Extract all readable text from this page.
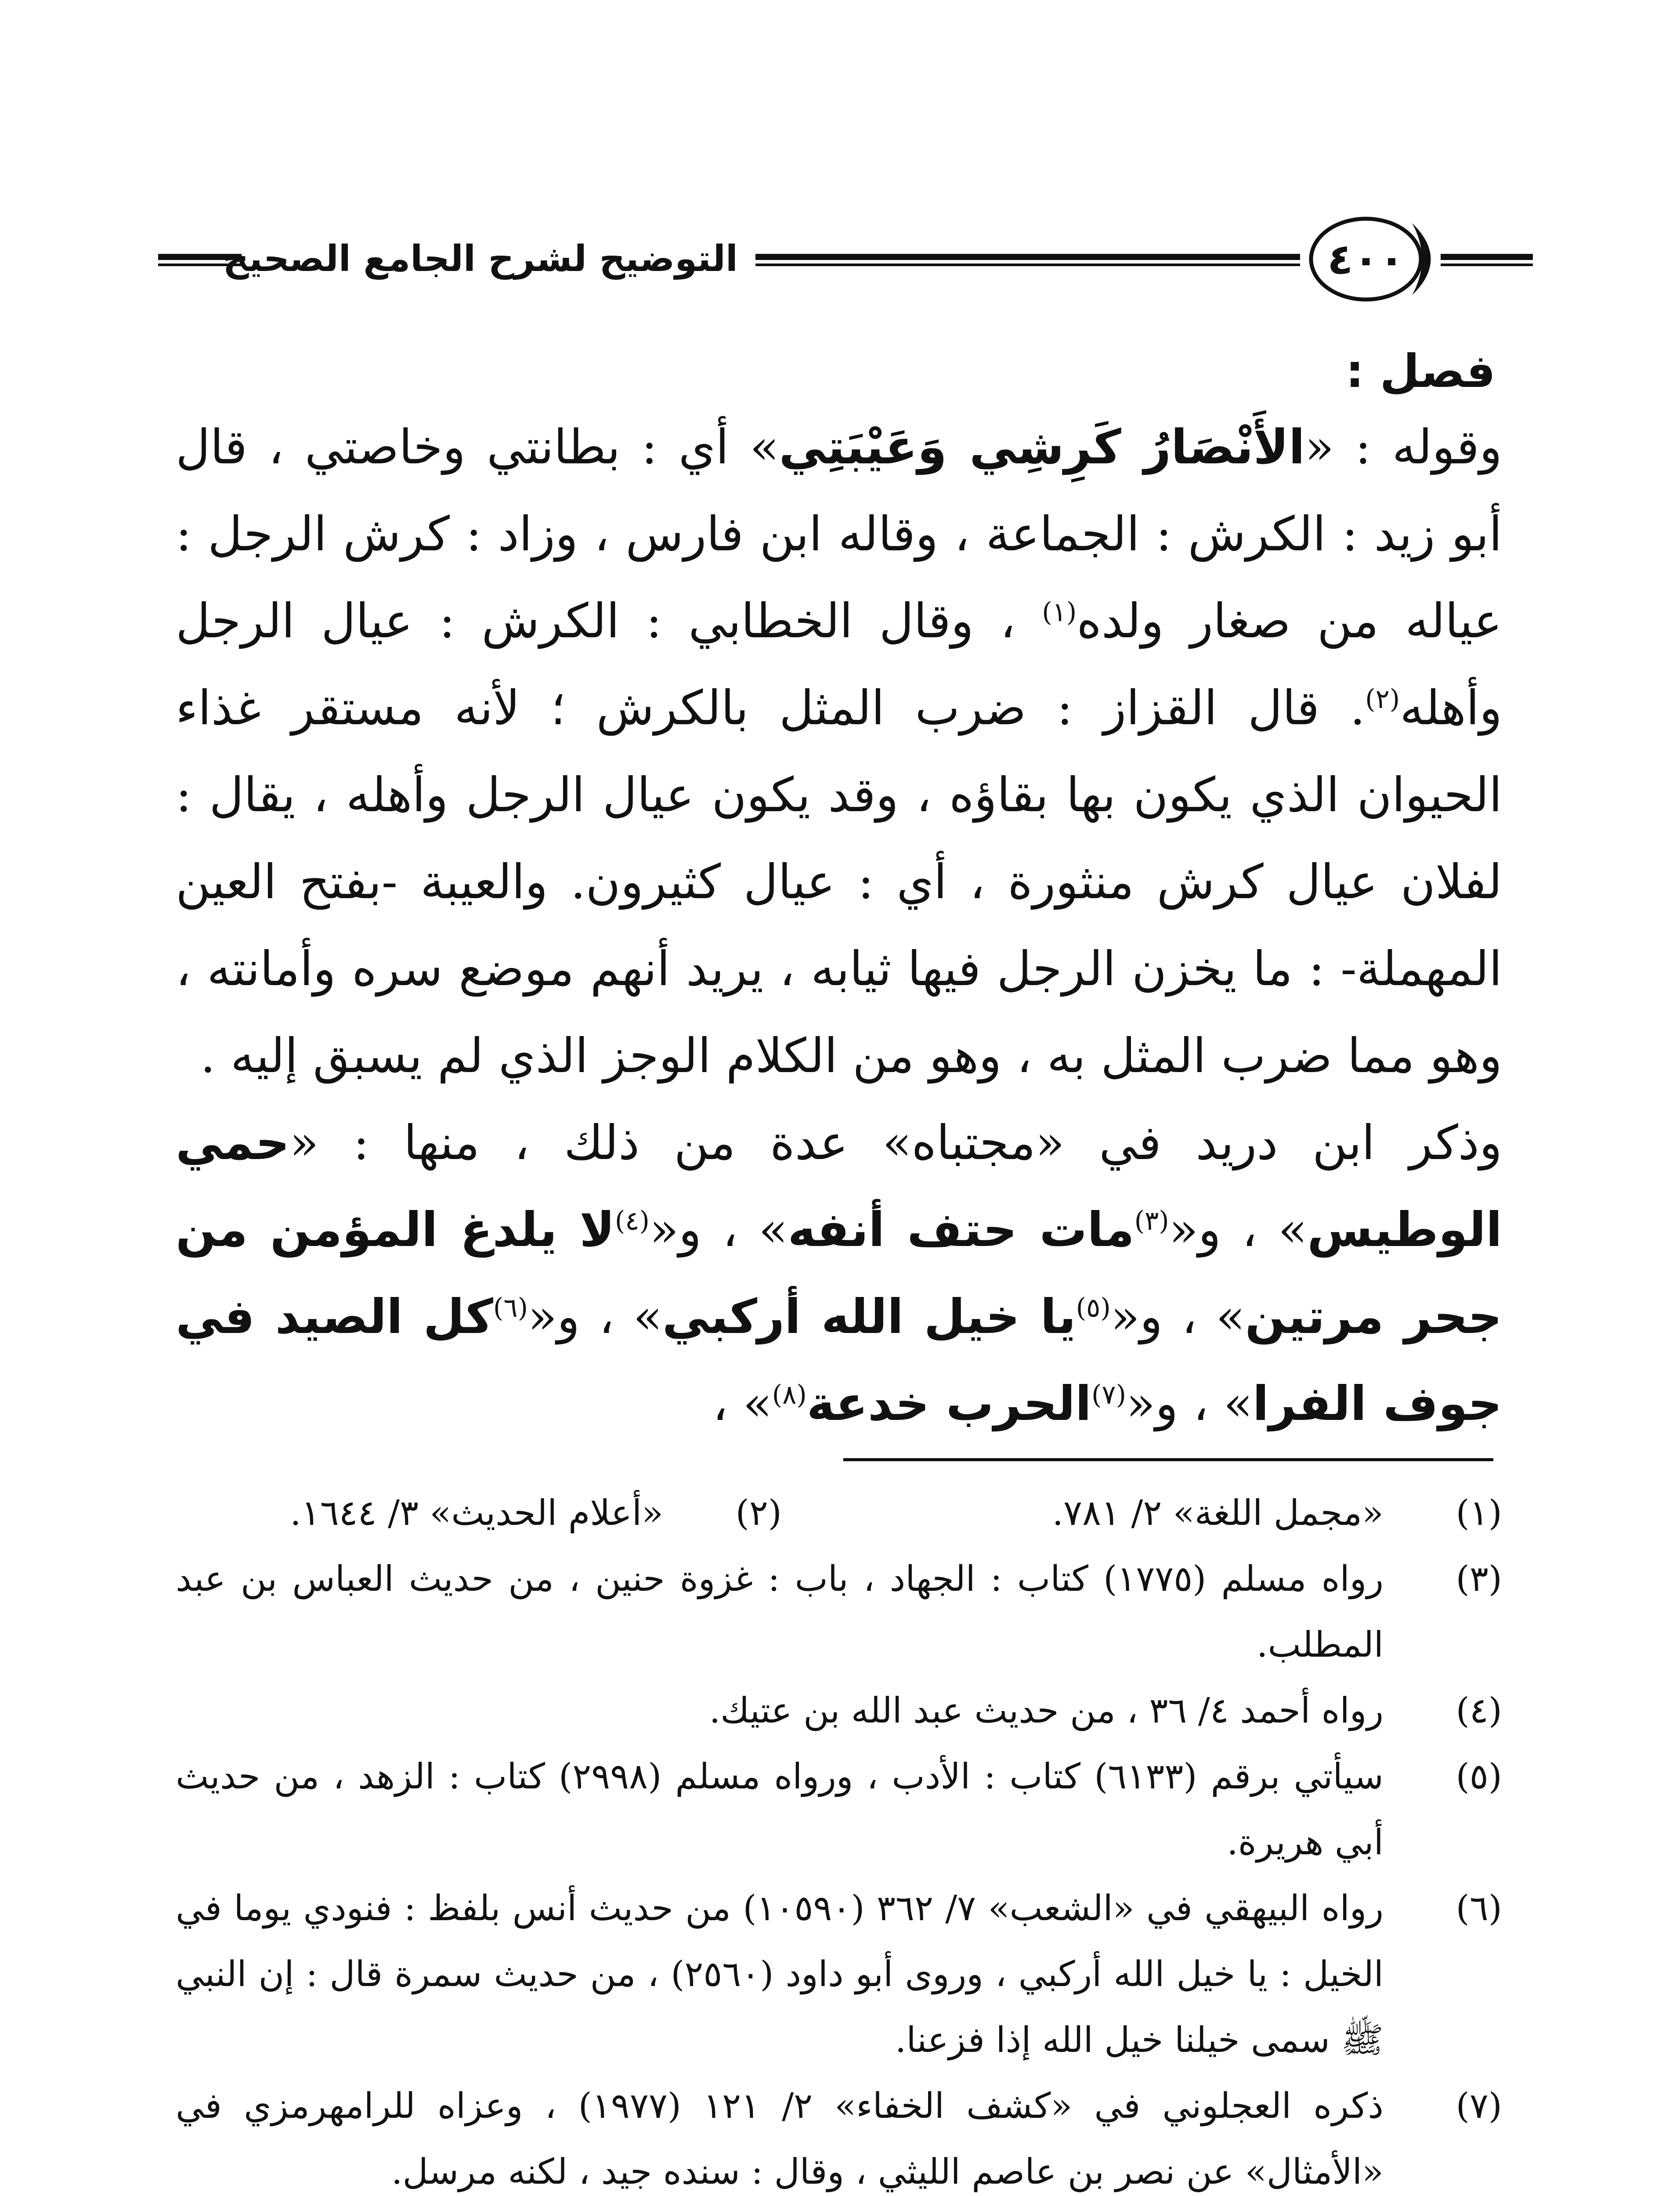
التوضيح لشرح الجامع الصحيح	٤٠٠
فصل :

وقوله : «الأَنْصَارُ كَرِشِي وَعَيْبَتِي» أي : بطانتي وخاصتي ، قال أبو زيد : الكرش : الجماعة ، وقاله ابن فارس ، وزاد : كرش الرجل : عياله من صغار ولده$^{(١)}$ ، وقال الخطابي : الكرش : عيال الرجل وأهله$^{(٢)}$. قال القزاز : ضرب المثل بالكرش ؛ لأنه مستقر غذاء الحيوان الذي يكون بها بقاؤه ، وقد يكون عيال الرجل وأهله ، يقال : لفلان عيال كرش منثورة ، أي : عيال كثيرون. والعيبة -بفتح العين المهملة- : ما يخزن الرجل فيها ثيابه ، يريد أنهم موضع سره وأمانته ، وهو مما ضرب المثل به ، وهو من الكلام الوجز الذي لم يسبق إليه .

وذكر ابن دريد في «مجتباه» عدة من ذلك ، منها : «حمي الوطيس» ، و«$^{(٣)}$مات حتف أنفه» ، و«$^{(٤)}$لا يلدغ المؤمن من جحر مرتين» ، و«$^{(٥)}$يا خيل الله أركبي» ، و«$^{(٦)}$كل الصيد في جوف الفرا» ، و«$^{(٧)}$الحرب خدعة$^{(٨)}$» ،

(١)
«مجمل اللغة» ٢/ ٧٨١.
(٢)
«أعلام الحديث» ٣/ ١٦٤٤.
(٣)
رواه مسلم (١٧٧٥) كتاب : الجهاد ، باب : غزوة حنين ، من حديث العباس بن عبد المطلب.
(٤)
رواه أحمد ٤/ ٣٦ ، من حديث عبد الله بن عتيك.
(٥)
سيأتي برقم (٦١٣٣) كتاب : الأدب ، ورواه مسلم (٢٩٩٨) كتاب : الزهد ، من حديث أبي هريرة.
(٦)
رواه البيهقي في «الشعب» ٧/ ٣٦٢ (١٠٥٩٠) من حديث أنس بلفظ : فنودي يوما في الخيل : يا خيل الله أركبي ، وروى أبو داود (٢٥٦٠) ، من حديث سمرة قال : إن النبي ﷺ سمى خيلنا خيل الله إذا فزعنا.
(٧)
ذكره العجلوني في «كشف الخفاء» ٢/ ١٢١ (١٩٧٧) ، وعزاه للرامهرمزي في «الأمثال» عن نصر بن عاصم الليثي ، وقال : سنده جيد ، لكنه مرسل.
